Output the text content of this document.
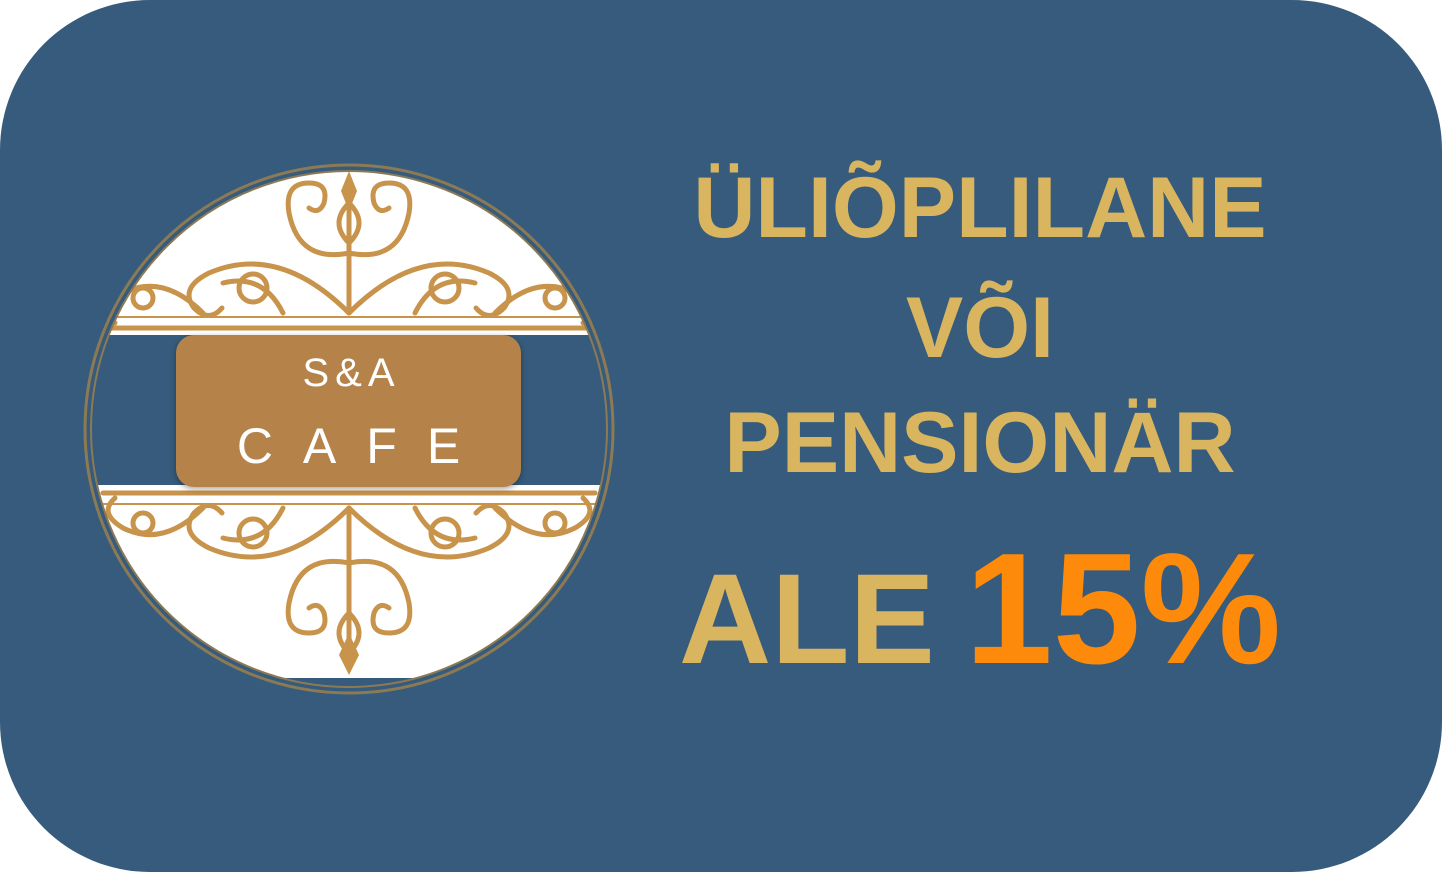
S&A
CAFE
ÜLIÕPLILANE
VÕI
PENSIONÄR
ALE 15%
